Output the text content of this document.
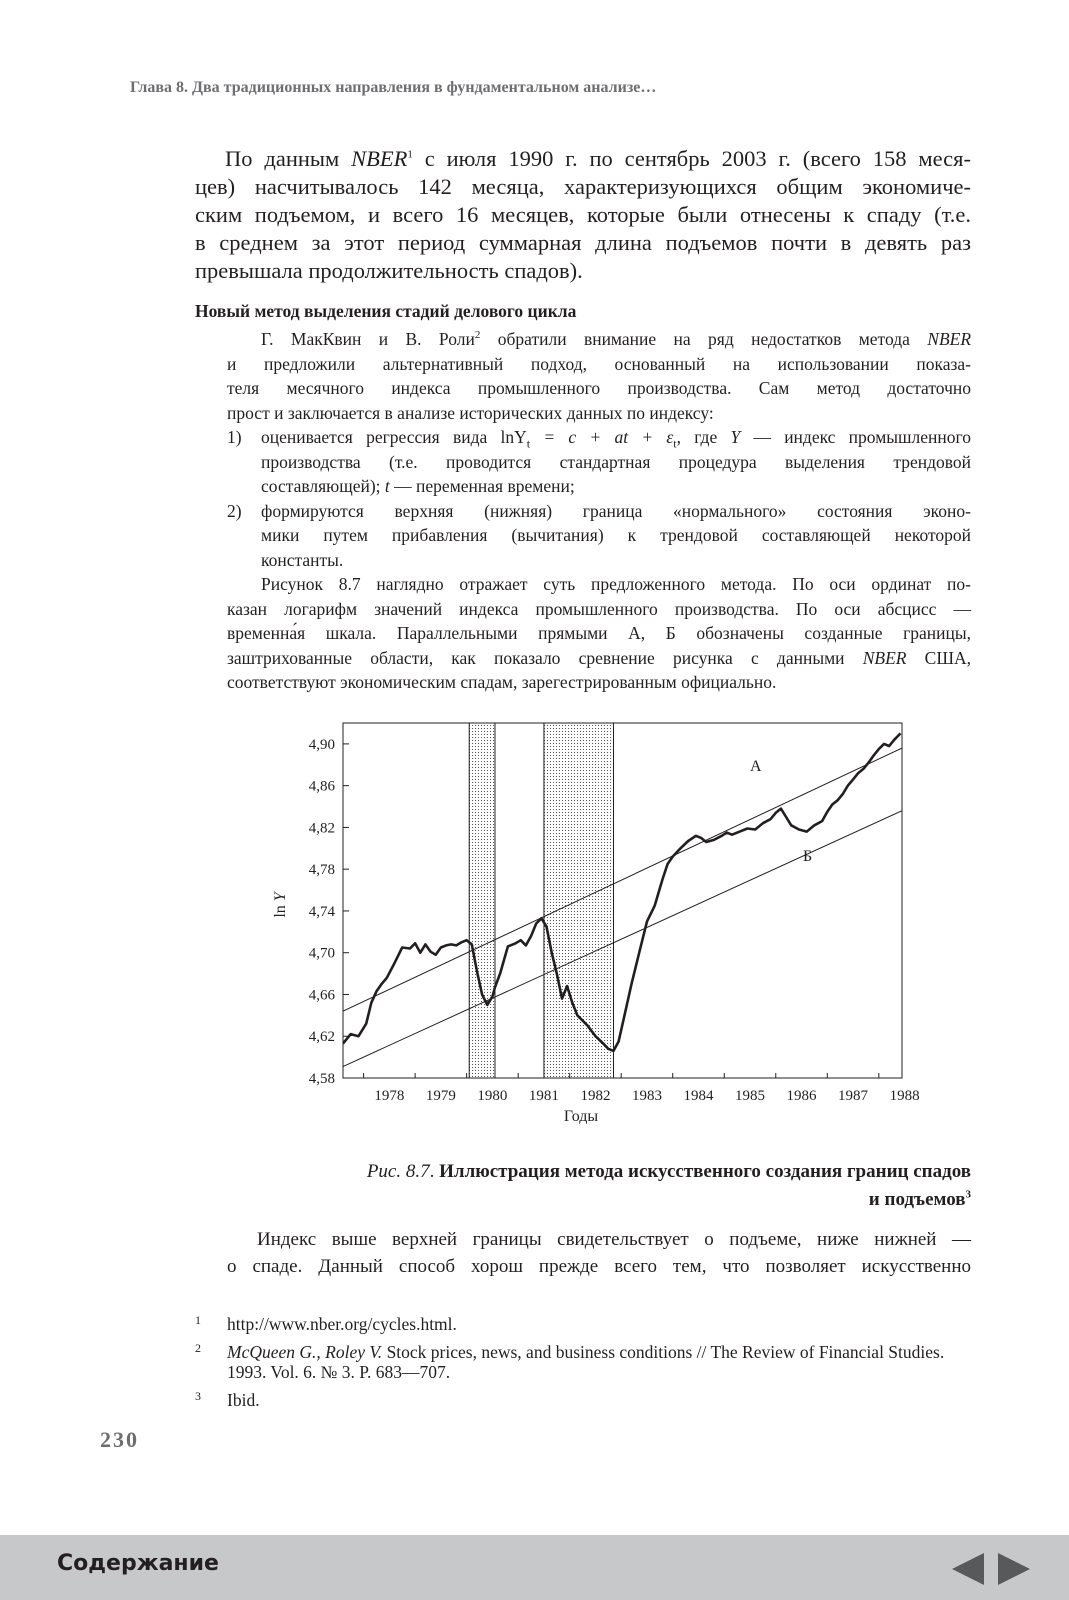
Глава 8. Два традиционных направления в фундаментальном анализе…
По данным NBER$^1$ с июля 1990 г. по сентябрь 2003 г. (всего 158 меся-
цев) насчитывалось 142 месяца, характеризующихся общим экономиче-
ским подъемом, и всего 16 месяцев, которые были отнесены к спаду (т.е.
в среднем за этот период суммарная длина подъемов почти в девять раз
превышала продолжительность спадов).
Новый метод выделения стадий делового цикла
Г. МакКвин и В. Роли$^2$ обратили внимание на ряд недостатков метода NBER
и предложили альтернативный подход, основанный на использовании показа-
теля месячного индекса промышленного производства. Сам метод достаточно
прост и заключается в анализе исторических данных по индексу:
1) оценивается регрессия вида lnY$_t$ = c + at + $\varepsilon_t$, где Y — индекс промышленного
производства (т.е. проводится стандартная процедура выделения трендовой
составляющей); t — переменная времени;
2) формируются верхняя (нижняя) граница «нормального» состояния эконо-
мики путем прибавления (вычитания) к трендовой составляющей некоторой
константы.
Рисунок 8.7 наглядно отражает суть предложенного метода. По оси ординат по-
казан логарифм значений индекса промышленного производства. По оси абсцисс —
временна́я шкала. Параллельными прямыми А, Б обозначены созданные границы,
заштрихованные области, как показало сревнение рисунка с данными NBER США,
соответствуют экономическим спадам, зарегестрированным официально.
4,90
4,86
4,82
4,78
4,74
4,70
4,66
4,62
4,58
1978 1979 1980 1981 1982 1983 1984 1985 1986 1987 1988
А
Б
ln Y
Годы
Рис. 8.7. Иллюстрация метода искусственного создания границ спадов
и подъемов$^3$
Индекс выше верхней границы свидетельствует о подъеме, ниже нижней —
о спаде. Данный способ хорош прежде всего тем, что позволяет искусственно
1 http://www.nber.org/cycles.html.
2 McQueen G., Roley V. Stock prices, news, and business conditions // The Review of Financial Studies. 1993. Vol. 6. № 3. P. 683—707.
3 Ibid.
230
Содержание
